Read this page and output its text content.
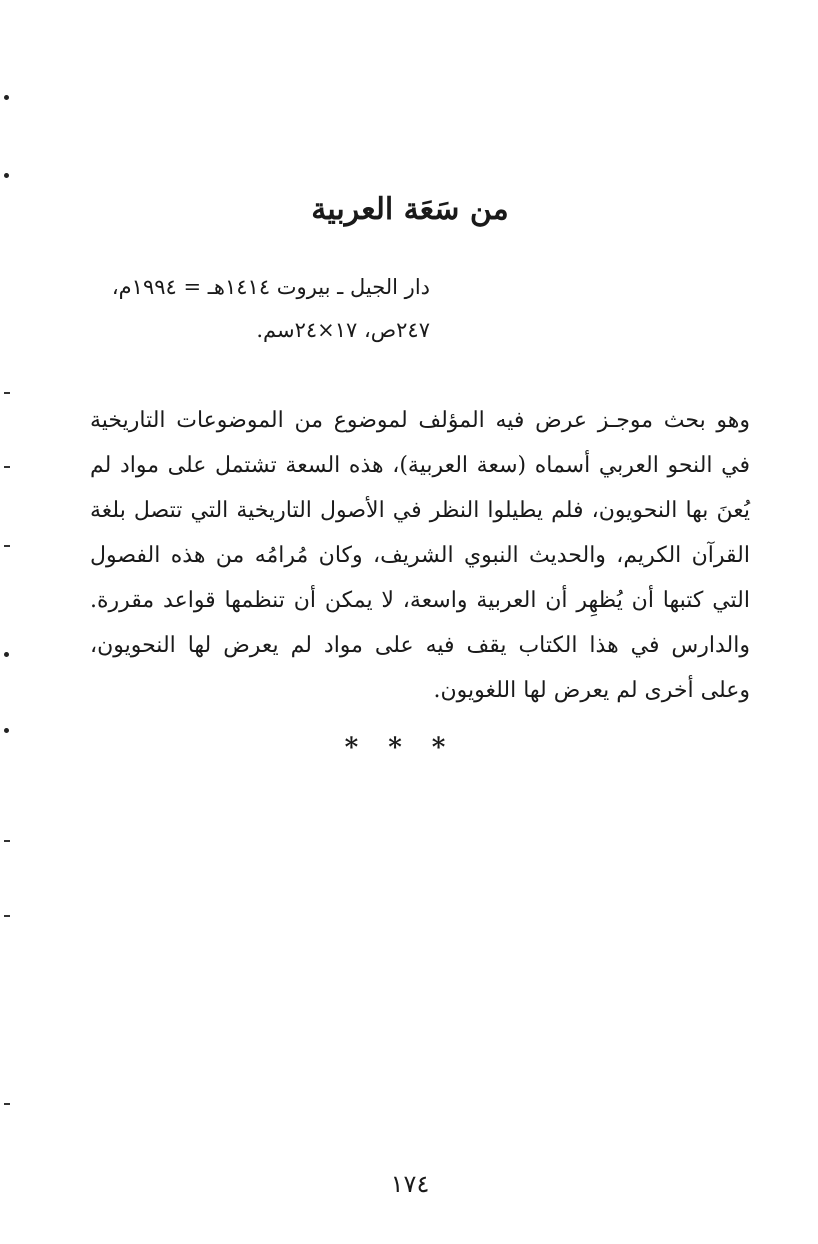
من سَعَة العربية
دار الجيل ـ بيروت ١٤١٤هـ = ١٩٩٤م،
٢٤٧ص، ١٧×٢٤سم.
وهو بحث موجـز عرض فيه المؤلف لموضوع من الموضوعات التاريخية في النحو العربي أسماه (سعة العربية)، هذه السعة تشتمل على مواد لم يُعنَ بها النحويون، فلم يطيلوا النظر في الأصول التاريخية التي تتصل بلغة القرآن الكريم، والحديث النبوي الشريف، وكان مُرامُه من هذه الفصول التي كتبها أن يُظهِر أن العربية واسعة، لا يمكن أن تنظمها قواعد مقررة. والدارس في هذا الكتاب يقف فيه على مواد لم يعرض لها النحويون، وعلى أخرى لم يعرض لها اللغويون.
***
١٧٤
